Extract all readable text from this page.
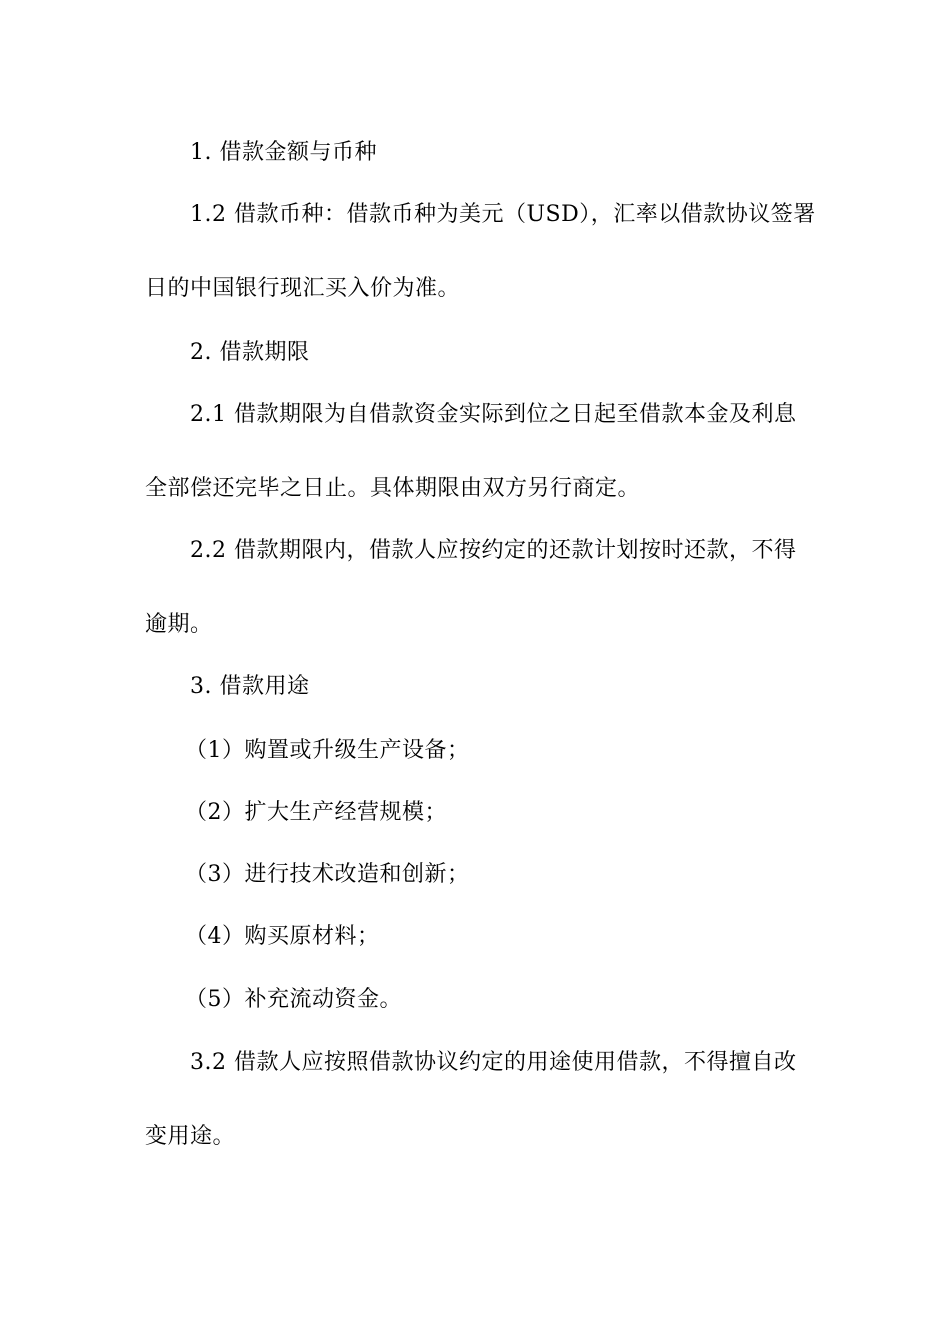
1. 借款金额与币种
1.2 借款币种：借款币种为美元（USD），汇率以借款协议签署
日的中国银行现汇买入价为准。
2. 借款期限
2.1 借款期限为自借款资金实际到位之日起至借款本金及利息
全部偿还完毕之日止。具体期限由双方另行商定。
2.2 借款期限内，借款人应按约定的还款计划按时还款，不得
逾期。
3. 借款用途
（1）购置或升级生产设备；
（2）扩大生产经营规模；
（3）进行技术改造和创新；
（4）购买原材料；
（5）补充流动资金。
3.2 借款人应按照借款协议约定的用途使用借款，不得擅自改
变用途。
